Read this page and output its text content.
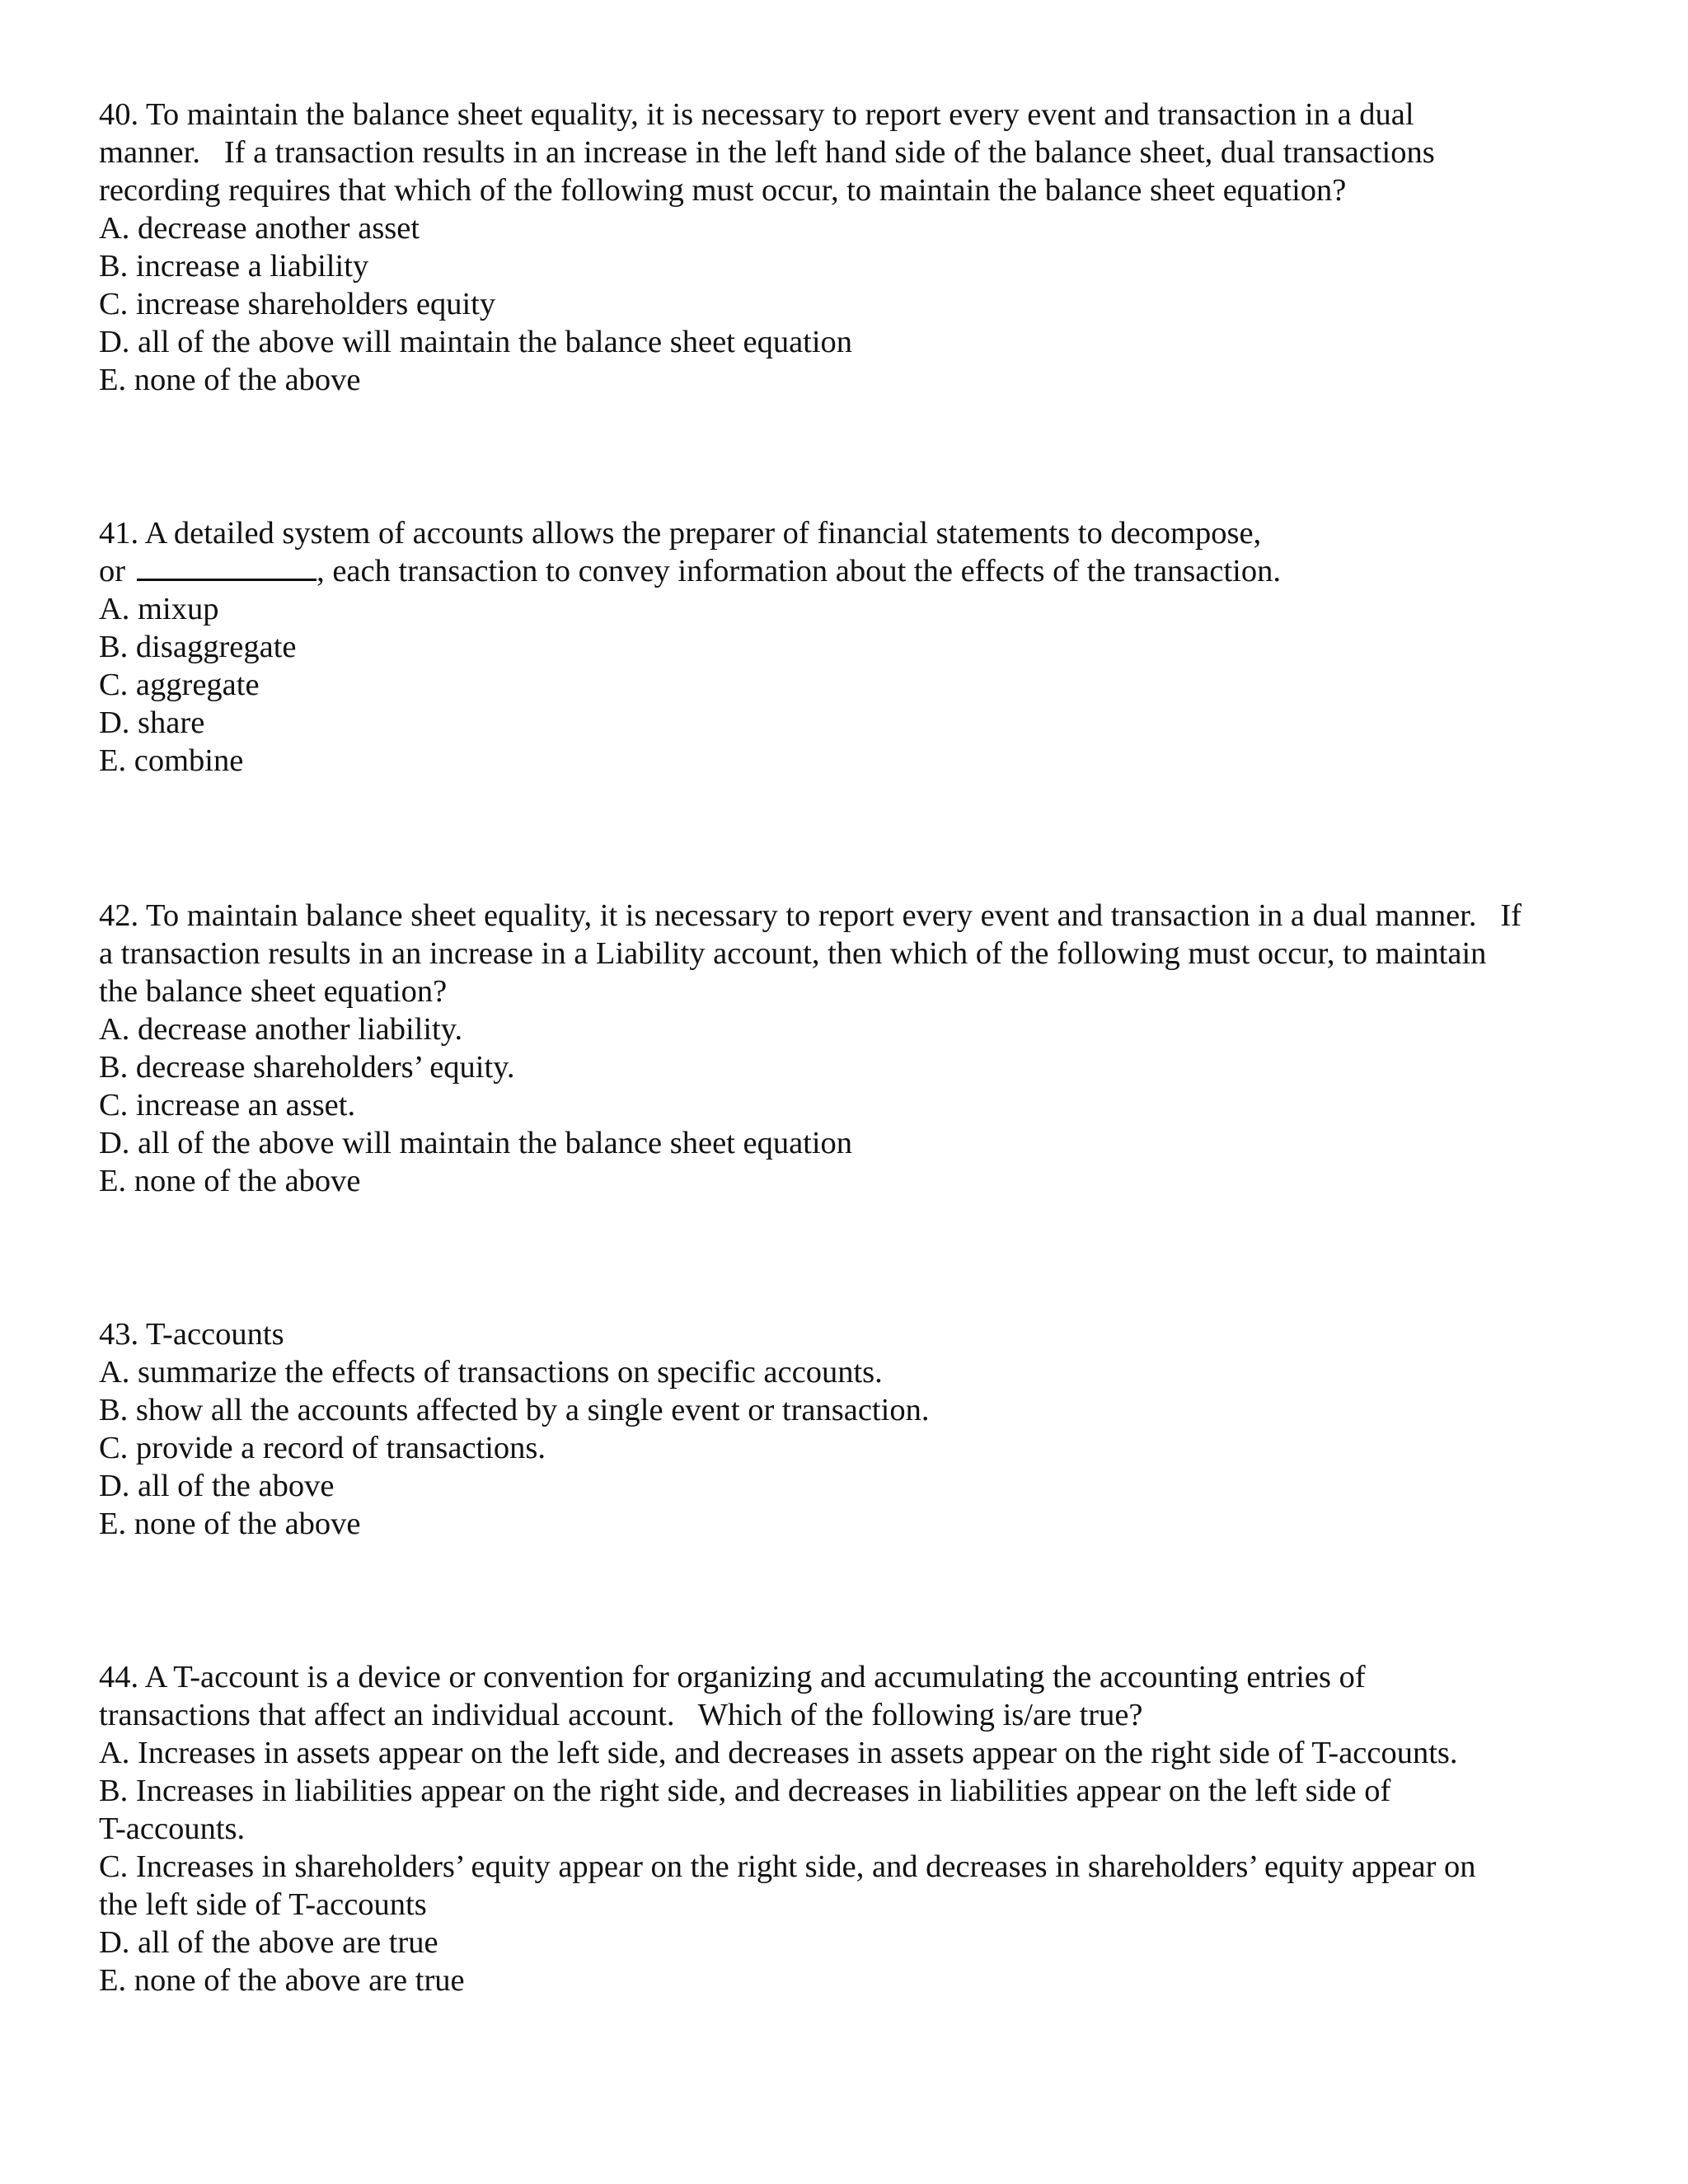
40. To maintain the balance sheet equality, it is necessary to report every event and transaction in a dual
manner.   If a transaction results in an increase in the left hand side of the balance sheet, dual transactions
recording requires that which of the following must occur, to maintain the balance sheet equation?
A. decrease another asset
B. increase a liability
C. increase shareholders equity
D. all of the above will maintain the balance sheet equation
E. none of the above
41. A detailed system of accounts allows the preparer of financial statements to decompose,
or	, each transaction to convey information about the effects of the transaction.
A. mixup
B. disaggregate
C. aggregate
D. share
E. combine
42. To maintain balance sheet equality, it is necessary to report every event and transaction in a dual manner.   If
a transaction results in an increase in a Liability account, then which of the following must occur, to maintain
the balance sheet equation?
A. decrease another liability.
B. decrease shareholders’ equity.
C. increase an asset.
D. all of the above will maintain the balance sheet equation
E. none of the above
43. T-accounts
A. summarize the effects of transactions on specific accounts.
B. show all the accounts affected by a single event or transaction.
C. provide a record of transactions.
D. all of the above
E. none of the above
44. A T-account is a device or convention for organizing and accumulating the accounting entries of
transactions that affect an individual account.   Which of the following is/are true?
A. Increases in assets appear on the left side, and decreases in assets appear on the right side of T-accounts.
B. Increases in liabilities appear on the right side, and decreases in liabilities appear on the left side of
T-accounts.
C. Increases in shareholders’ equity appear on the right side, and decreases in shareholders’ equity appear on
the left side of T-accounts
D. all of the above are true
E. none of the above are true
